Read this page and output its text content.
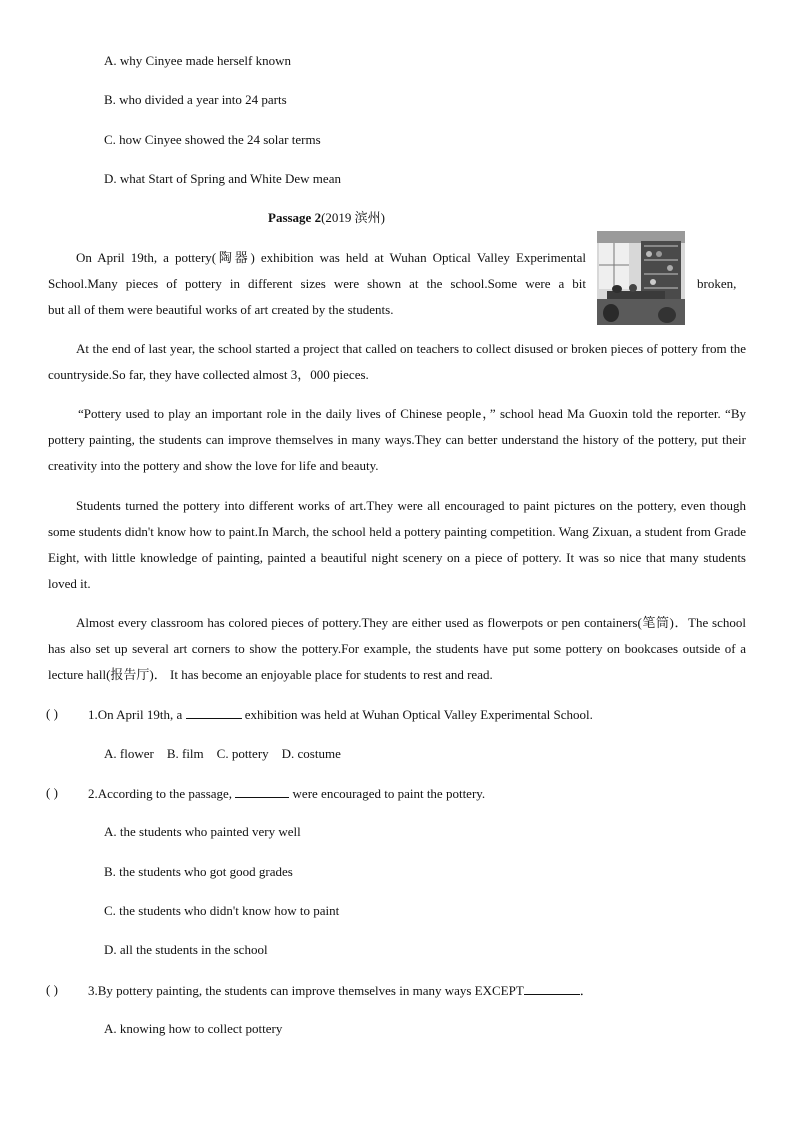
A. why Cinyee made herself known
B. who divided a year into 24 parts
C. how Cinyee showed the 24 solar terms
D. what Start of Spring and White Dew mean
Passage 2(2019 滨州)
On April 19th, a pottery(陶器) exhibition was held at Wuhan Optical Valley Experimental
School.Many pieces of pottery in different sizes were shown at the school.Some were a bit	broken,
but all of them were beautiful works of art created by the students.

At the end of last year, the school started a project that called on teachers to collect disused or broken pieces of pottery from the countryside.So far, they have collected almost 3，000 pieces.

“Pottery used to play an important role in the daily lives of Chinese people，” school head Ma Guoxin told the reporter. “By pottery painting, the students can improve themselves in many ways.They can better understand the history of the pottery, put their creativity into the pottery and show the love for life and beauty.

Students turned the pottery into different works of art.They were all encouraged to paint pictures on the pottery, even though some students didn't know how to paint.In March, the school held a pottery painting competition. Wang Zixuan, a student from Grade Eight, with little knowledge of painting, painted a beautiful night scenery on a piece of pottery. It was so nice that many students loved it.

Almost every classroom has colored pieces of pottery.They are either used as flowerpots or pen containers(笔筒)．The school has also set up several art corners to show the pottery.For example, the students have put some pottery on bookcases outside of a lecture hall(报告厅)． It has become an enjoyable place for students to rest and read.

( ) 1.On April 19th, a	exhibition was held at Wuhan Optical Valley Experimental School.
A. flower    B. film    C. pottery    D. costume
( ) 2.According to the passage,	were encouraged to paint the pottery.
A. the students who painted very well
B. the students who got good grades
C. the students who didn't know how to paint
D. all the students in the school
( ) 3.By pottery painting, the students can improve themselves in many ways EXCEPT	．
A. knowing how to collect pottery
